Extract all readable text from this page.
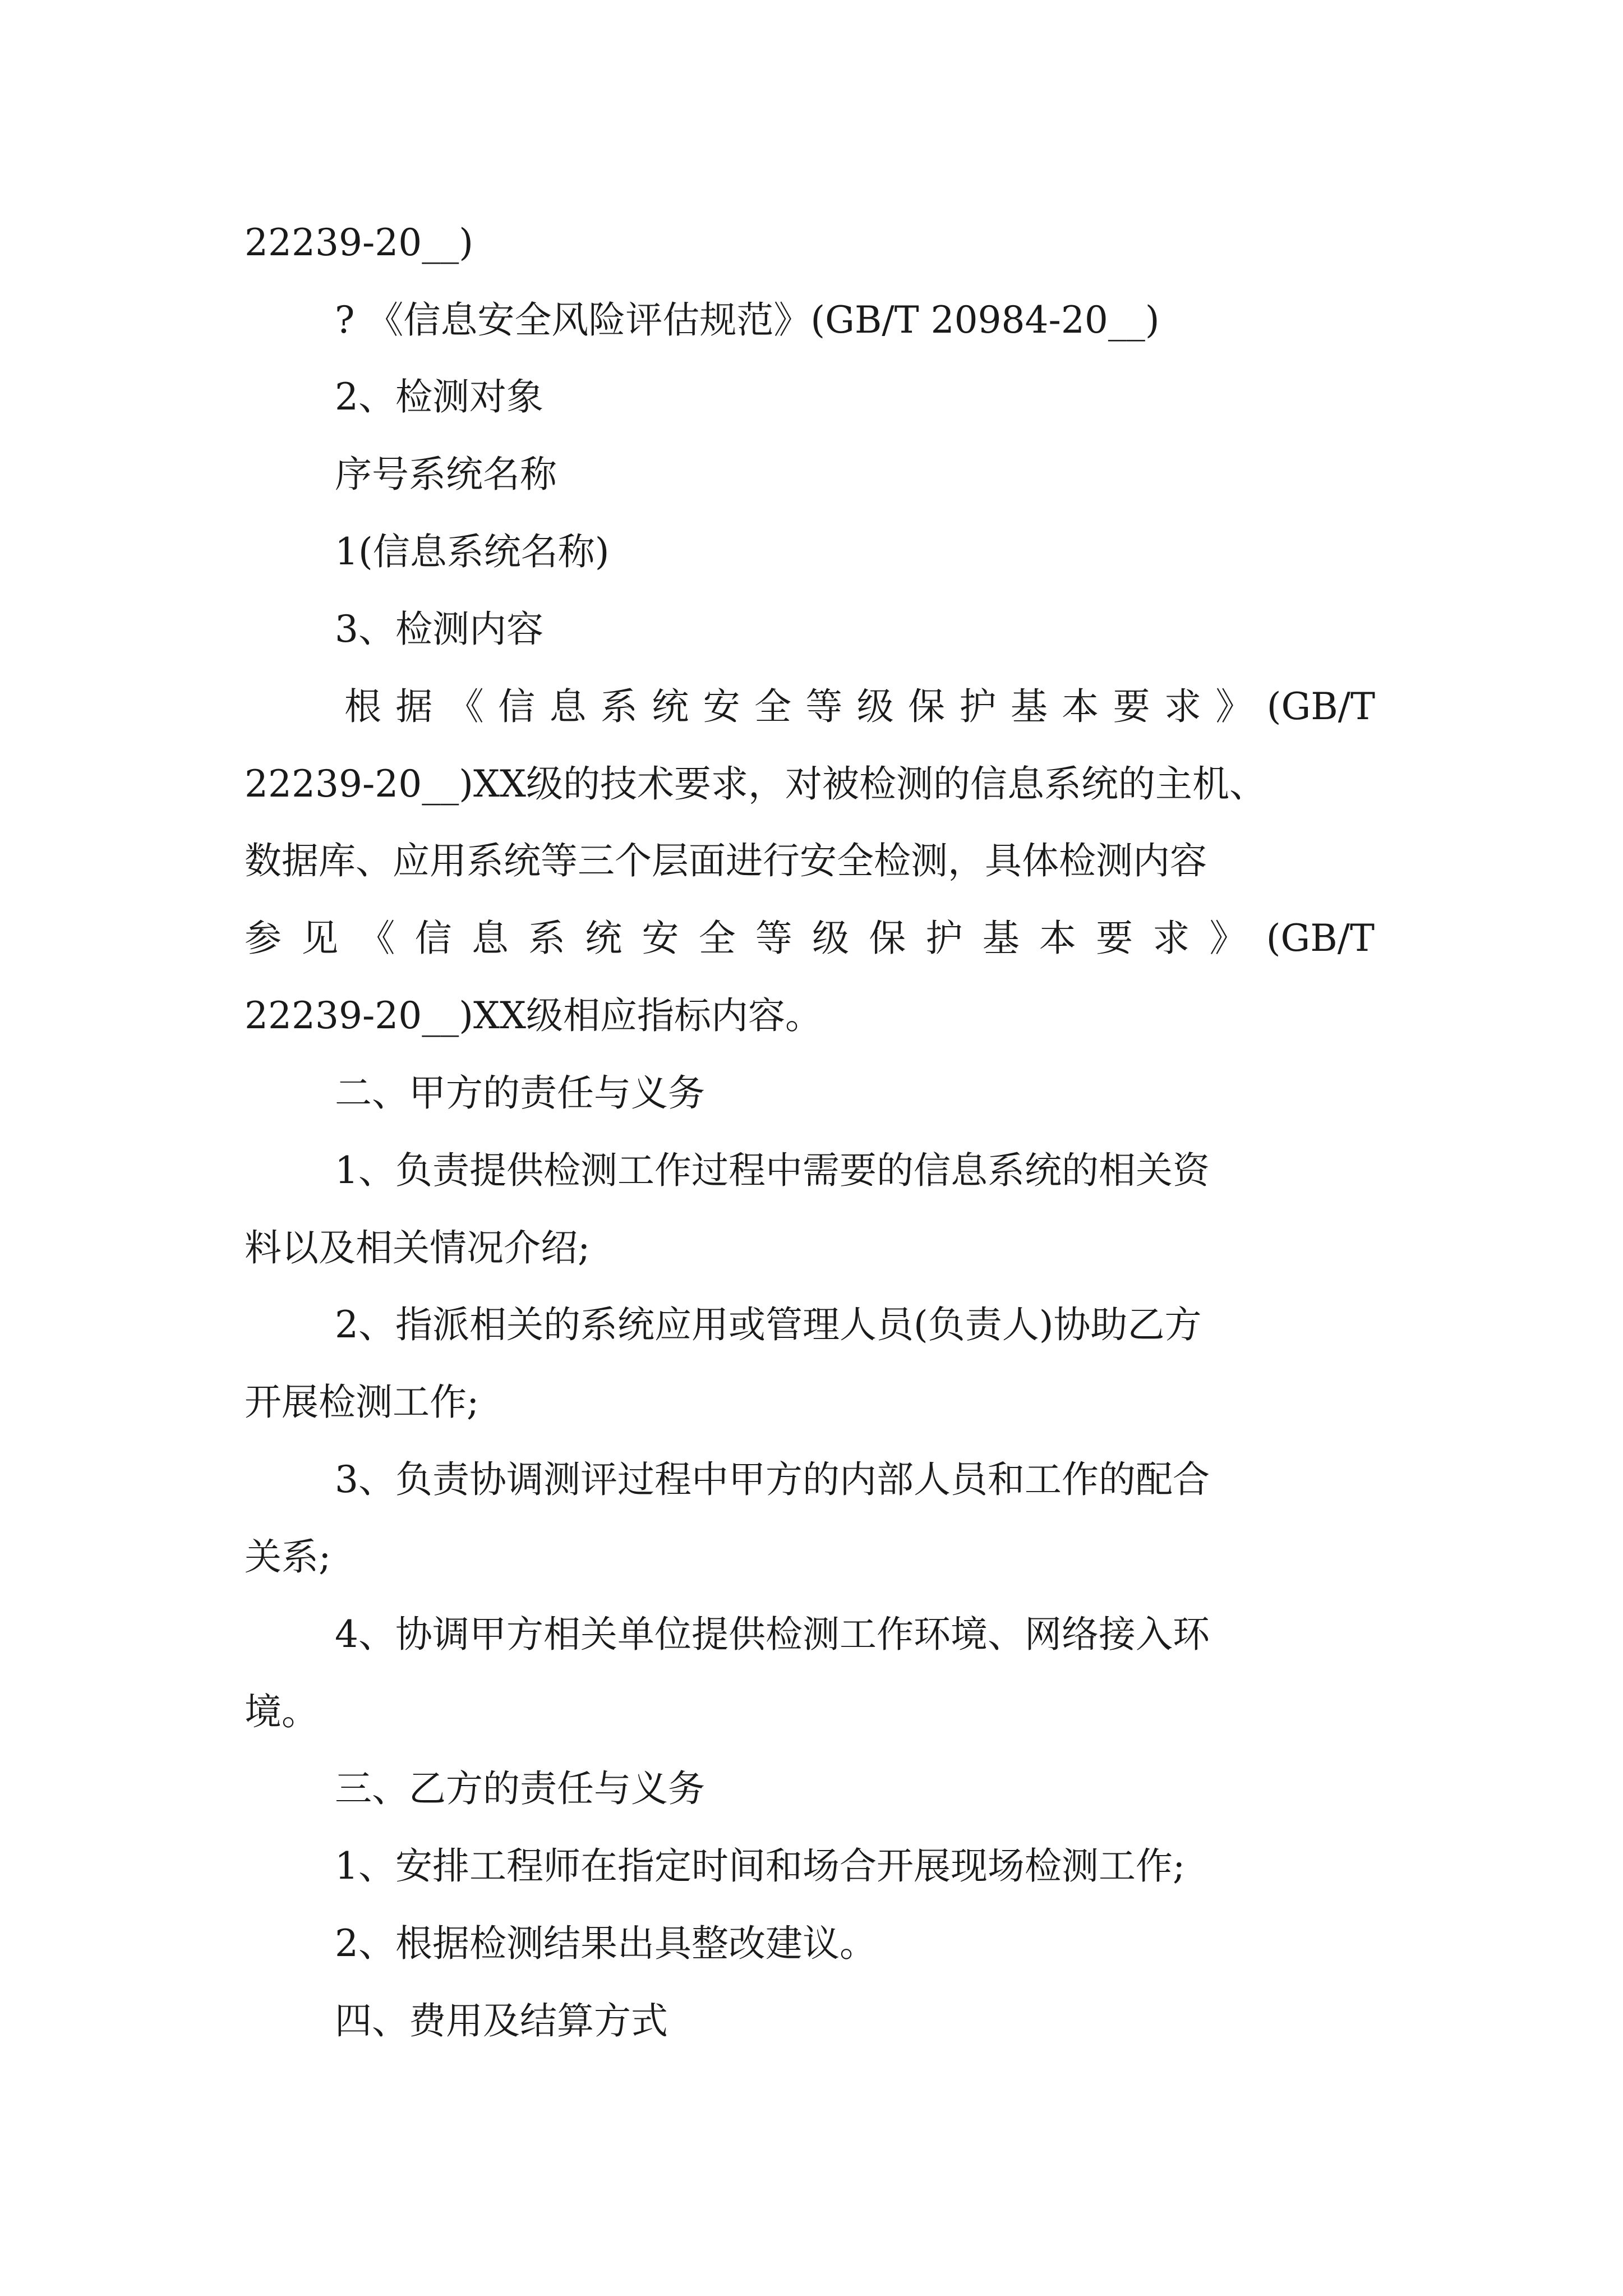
22239-20__)

? 《信息安全风险评估规范》(GB/T 20984-20__)

2、检测对象

序号系统名称

1(信息系统名称)

3、检测内容

根据《信息系统安全等级保护基本要求》(GB/T

22239-20__)XX级的技术要求，对被检测的信息系统的主机、

数据库、应用系统等三个层面进行安全检测，具体检测内容

参见《信息系统安全等级保护基本要求》(GB/T

22239-20__)XX级相应指标内容。

二、甲方的责任与义务

1、负责提供检测工作过程中需要的信息系统的相关资

料以及相关情况介绍;

2、指派相关的系统应用或管理人员(负责人)协助乙方

开展检测工作;

3、负责协调测评过程中甲方的内部人员和工作的配合

关系;

4、协调甲方相关单位提供检测工作环境、网络接入环

境。

三、乙方的责任与义务

1、安排工程师在指定时间和场合开展现场检测工作;

2、根据检测结果出具整改建议。

四、费用及结算方式
